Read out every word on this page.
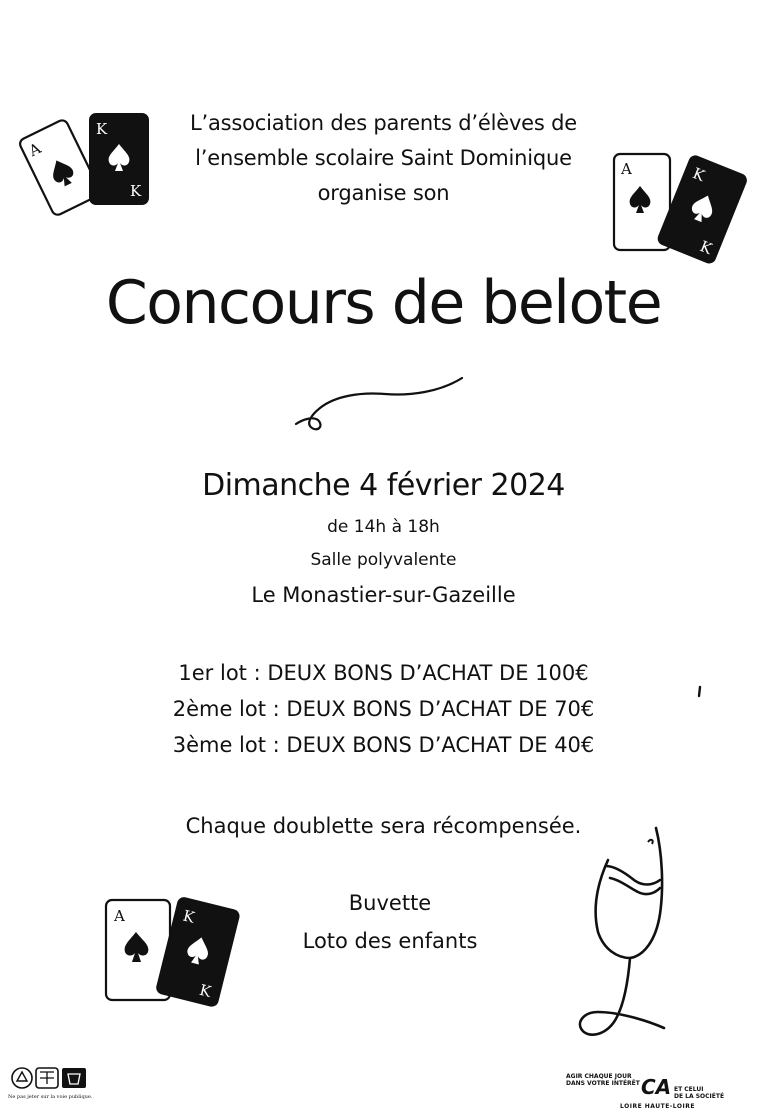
L’association des parents d’élèves de
l’ensemble scolaire Saint Dominique
organise son
A
K
K
A	K
K
Concours de belote
Dimanche 4 février 2024
de 14h à 18h
Salle polyvalente
Le Monastier-sur-Gazeille
1er lot : DEUX BONS D’ACHAT DE 100€
2ème lot : DEUX BONS D’ACHAT DE 70€
3ème lot : DEUX BONS D’ACHAT DE 40€
Chaque doublette sera récompensée.
Buvette
Loto des enfants
A	K
K
Ne pas jeter sur la voie publique.
AGIR CHAQUE JOUR
DANS VOTRE INTÉRÊT CA ET CELUI
DE LA SOCIÉTÉ
LOIRE HAUTE-LOIRE
